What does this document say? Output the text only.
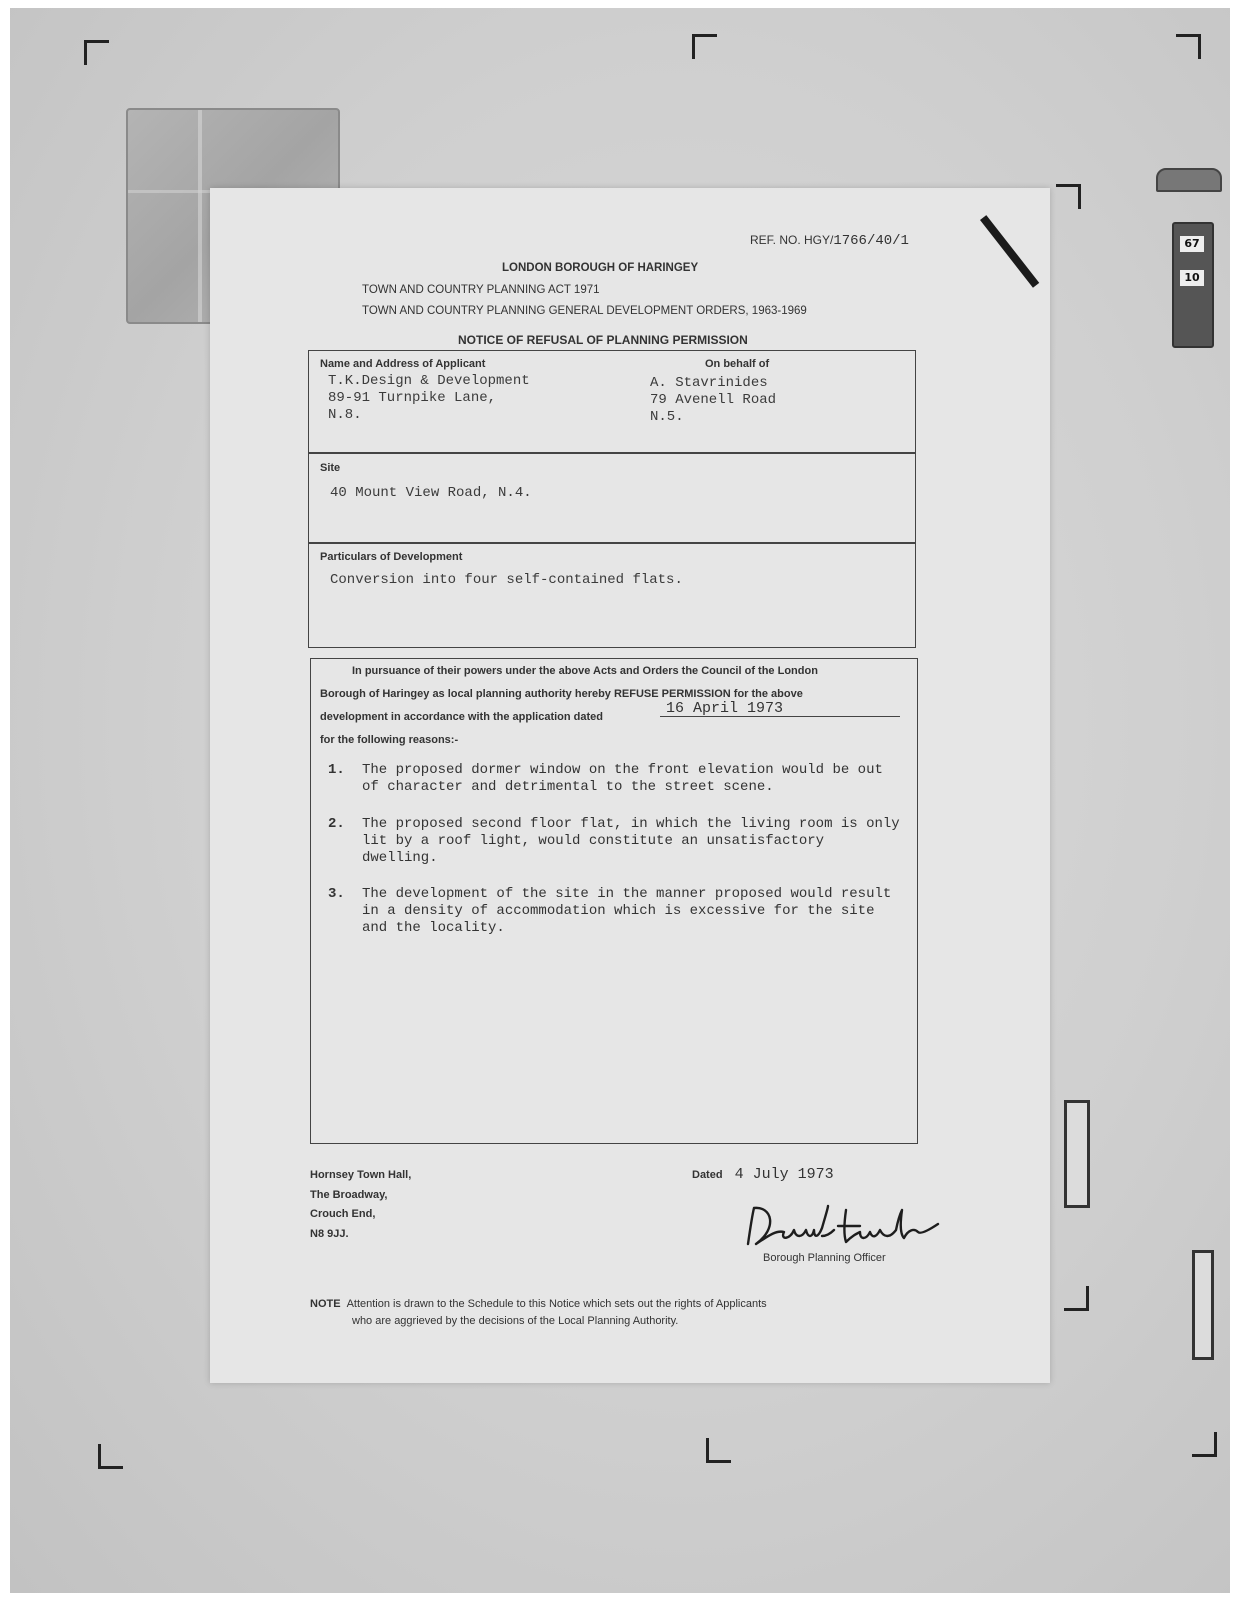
67
10
REF. NO. HGY/1766/40/1
LONDON BOROUGH OF HARINGEY
TOWN AND COUNTRY PLANNING ACT 1971
TOWN AND COUNTRY PLANNING GENERAL DEVELOPMENT ORDERS, 1963-1969
NOTICE OF REFUSAL OF PLANNING PERMISSION
Name and Address of Applicant	On behalf of
T.K.Design & Development
89-91 Turnpike Lane,
N.8.
A. Stavrinides
79 Avenell Road
N.5.
Site
40 Mount View Road, N.4.
Particulars of Development
Conversion into four self-contained flats.
In pursuance of their powers under the above Acts and Orders the Council of the London
Borough of Haringey as local planning authority hereby REFUSE PERMISSION for the above
development in accordance with the application dated	16 April 1973
for the following reasons:-
1. The proposed dormer window on the front elevation would be out of character and detrimental to the street scene.
2. The proposed second floor flat, in which the living room is only lit by a roof light, would constitute an unsatisfactory dwelling.
3. The development of the site in the manner proposed would result in a density of accommodation which is excessive for the site and the locality.
Hornsey Town Hall,
The Broadway,
Crouch End,
N8 9JJ.
Dated 4 July 1973
Borough Planning Officer
NOTE Attention is drawn to the Schedule to this Notice which sets out the rights of Applicants
who are aggrieved by the decisions of the Local Planning Authority.
